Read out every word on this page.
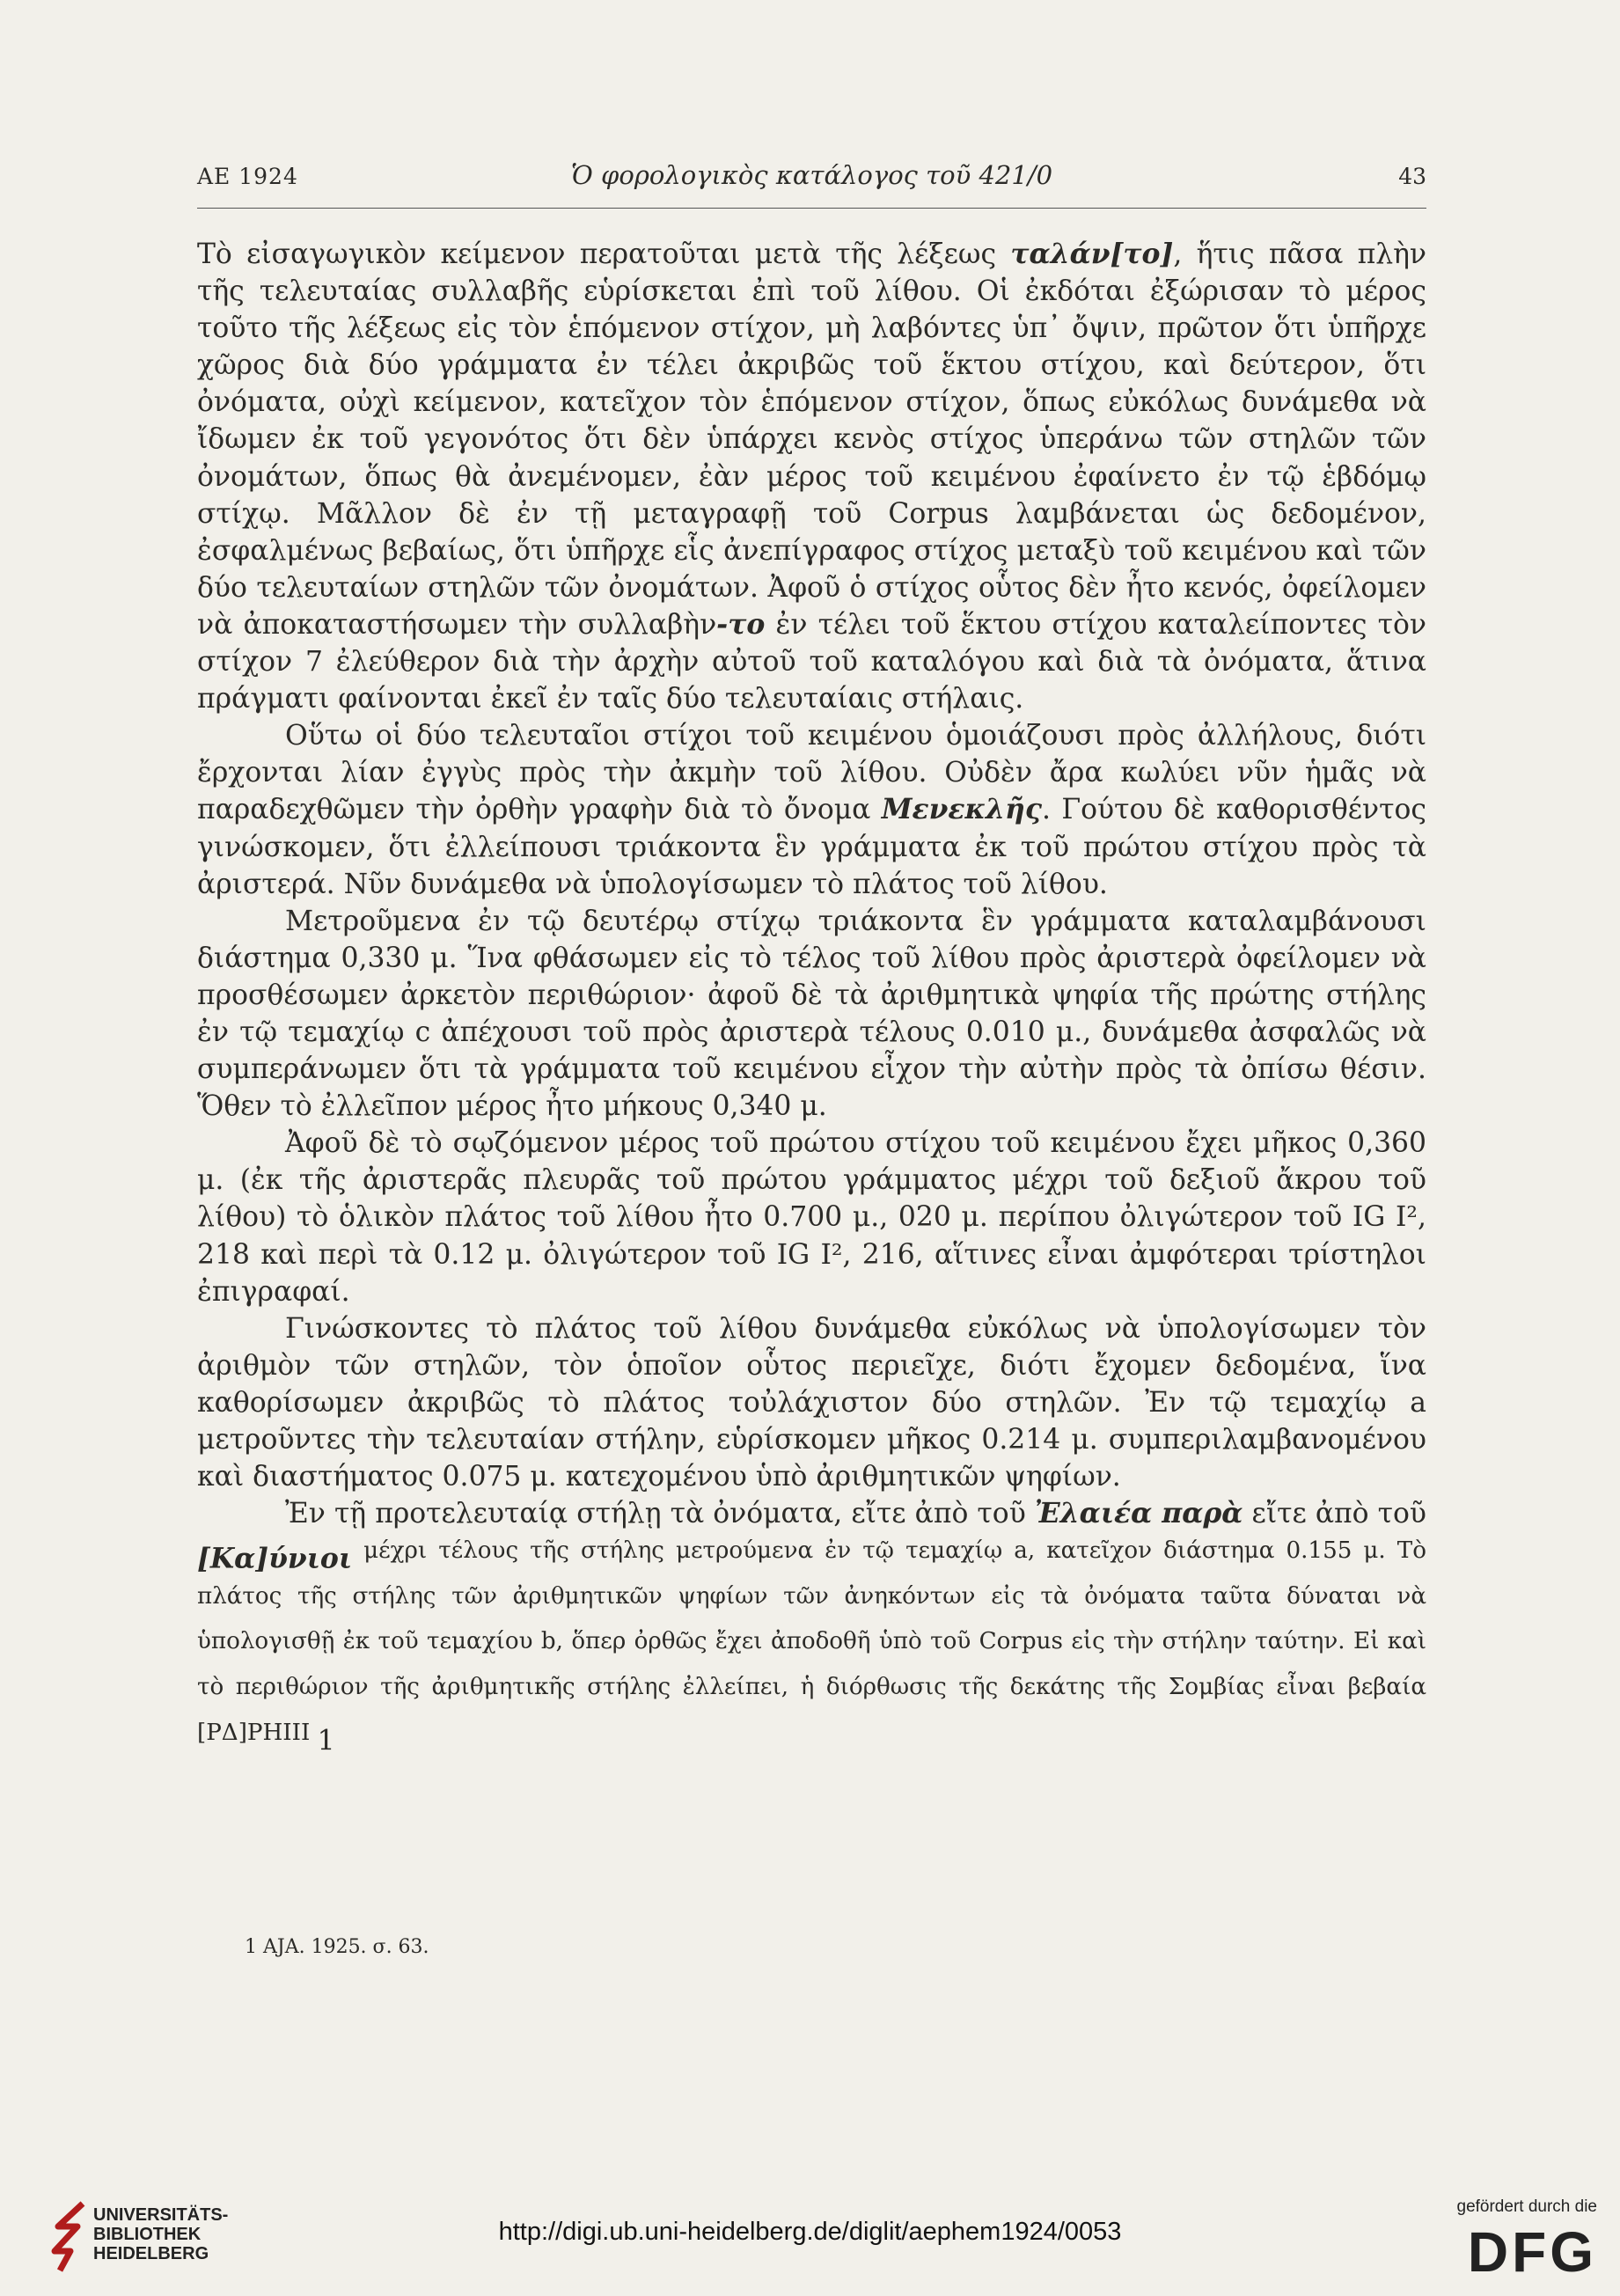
ΑΕ 1924	Ὁ φορολογικὸς κατάλογος τοῦ 421/0	43

Τὸ εἰσαγωγικὸν κείμενον περατοῦται μετὰ τῆς λέξεως ταλάν[το], ἥτις πᾶσα πλὴν τῆς τελευταίας συλλαβῆς εὑρίσκεται ἐπὶ τοῦ λίθου. Οἱ ἐκδόται ἐξώρισαν τὸ μέρος τοῦτο τῆς λέξεως εἰς τὸν ἑπόμενον στίχον, μὴ λαβόντες ὑπ᾽ ὄψιν, πρῶτον ὅτι ὑπῆρχε χῶρος διὰ δύο γράμματα ἐν τέλει ἀκριβῶς τοῦ ἕκτου στίχου, καὶ δεύτερον, ὅτι ὀνόματα, οὐχὶ κείμενον, κατεῖχον τὸν ἑπόμενον στίχον, ὅπως εὐκόλως δυνάμεθα νὰ ἴδωμεν ἐκ τοῦ γεγονότος ὅτι δὲν ὑπάρχει κενὸς στίχος ὑπεράνω τῶν στηλῶν τῶν ὀνομάτων, ὅπως θὰ ἀνεμένομεν, ἐὰν μέρος τοῦ κειμένου ἐφαίνετο ἐν τῷ ἑβδόμῳ στίχῳ. Μᾶλλον δὲ ἐν τῇ μεταγραφῇ τοῦ Corpus λαμβάνεται ὡς δεδομένον, ἐσφαλμένως βεβαίως, ὅτι ὑπῆρχε εἷς ἀνεπίγραφος στίχος μεταξὺ τοῦ κειμένου καὶ τῶν δύο τελευταίων στηλῶν τῶν ὀνομάτων. Ἀφοῦ ὁ στίχος οὗτος δὲν ἦτο κενός, ὀφείλομεν νὰ ἀποκαταστήσωμεν τὴν συλλαβὴν-το ἐν τέλει τοῦ ἕκτου στίχου καταλείποντες τὸν στίχον 7 ἐλεύθερον διὰ τὴν ἀρχὴν αὐτοῦ τοῦ καταλόγου καὶ διὰ τὰ ὀνόματα, ἅτινα πράγματι φαίνονται ἐκεῖ ἐν ταῖς δύο τελευταίαις στήλαις.

Οὕτω οἱ δύο τελευταῖοι στίχοι τοῦ κειμένου ὁμοιάζουσι πρὸς ἀλλήλους, διότι ἔρχονται λίαν ἐγγὺς πρὸς τὴν ἀκμὴν τοῦ λίθου. Οὐδὲν ἄρα κωλύει νῦν ἡμᾶς νὰ παραδεχθῶμεν τὴν ὀρθὴν γραφὴν διὰ τὸ ὄνομα Μενεκλῆς. Γούτου δὲ καθορισθέντος γινώσκομεν, ὅτι ἐλλείπουσι τριάκοντα ἓν γράμματα ἐκ τοῦ πρώτου στίχου πρὸς τὰ ἀριστερά. Νῦν δυνάμεθα νὰ ὑπολογίσωμεν τὸ πλάτος τοῦ λίθου.

Μετροῦμενα ἐν τῷ δευτέρῳ στίχῳ τριάκοντα ἓν γράμματα καταλαμβάνουσι διάστημα 0,330 μ. Ἵνα φθάσωμεν εἰς τὸ τέλος τοῦ λίθου πρὸς ἀριστερὰ ὀφείλομεν νὰ προσθέσωμεν ἀρκετὸν περιθώριον· ἀφοῦ δὲ τὰ ἀριθμητικὰ ψηφία τῆς πρώτης στήλης ἐν τῷ τεμαχίῳ c ἀπέχουσι τοῦ πρὸς ἀριστερὰ τέλους 0.010 μ., δυνάμεθα ἀσφαλῶς νὰ συμπεράνωμεν ὅτι τὰ γράμματα τοῦ κειμένου εἶχον τὴν αὐτὴν πρὸς τὰ ὀπίσω θέσιν. Ὅθεν τὸ ἐλλεῖπον μέρος ἦτο μήκους 0,340 μ.

Ἀφοῦ δὲ τὸ σῳζόμενον μέρος τοῦ πρώτου στίχου τοῦ κειμένου ἔχει μῆκος 0,360 μ. (ἐκ τῆς ἀριστερᾶς πλευρᾶς τοῦ πρώτου γράμματος μέχρι τοῦ δεξιοῦ ἄκρου τοῦ λίθου) τὸ ὁλικὸν πλάτος τοῦ λίθου ἦτο 0.700 μ., 020 μ. περίπου ὀλιγώτερον τοῦ IG I², 218 καὶ περὶ τὰ 0.12 μ. ὀλιγώτερον τοῦ IG I², 216, αἵτινες εἶναι ἀμφότεραι τρίστηλοι ἐπιγραφαί.

Γινώσκοντες τὸ πλάτος τοῦ λίθου δυνάμεθα εὐκόλως νὰ ὑπολογίσωμεν τὸν ἀριθμὸν τῶν στηλῶν, τὸν ὁποῖον οὗτος περιεῖχε, διότι ἔχομεν δεδομένα, ἵνα καθορίσωμεν ἀκριβῶς τὸ πλάτος τοὐλάχιστον δύο στηλῶν. Ἐν τῷ τεμαχίῳ a μετροῦντες τὴν τελευταίαν στήλην, εὑρίσκομεν μῆκος 0.214 μ. συμπεριλαμβανομένου καὶ διαστήματος 0.075 μ. κατεχομένου ὑπὸ ἀριθμητικῶν ψηφίων.

Ἐν τῇ προτελευταίᾳ στήλῃ τὰ ὀνόματα, εἴτε ἀπὸ τοῦ Ἐλαιέα παρὰ εἴτε ἀπὸ τοῦ [Κα]ύνιοι μέχρι τέλους τῆς στήλης μετρούμενα ἐν τῷ τεμαχίῳ a, κατεῖχον διάστημα 0.155 μ. Τὸ πλάτος τῆς στήλης τῶν ἀριθμητικῶν ψηφίων τῶν ἀνηκόντων εἰς τὰ ὀνόματα ταῦτα δύναται νὰ ὑπολογισθῇ ἐκ τοῦ τεμαχίου b, ὅπερ ὀρθῶς ἔχει ἀποδοθῆ ὑπὸ τοῦ Corpus εἰς τὴν στήλην ταύτην. Εἰ καὶ τὸ περιθώριον τῆς ἀριθμητικῆς στήλης ἐλλείπει, ἡ διόρθωσις τῆς δεκάτης τῆς Σομβίας εἶναι βεβαία [ΡΔ]ΡΗΙΙΙ 1

1 AJA. 1925. σ. 63.
UNIVERSITÄTS-
BIBLIOTHEK
HEIDELBERG
http://digi.ub.uni-heidelberg.de/diglit/aephem1924/0053
gefördert durch die
DFG
